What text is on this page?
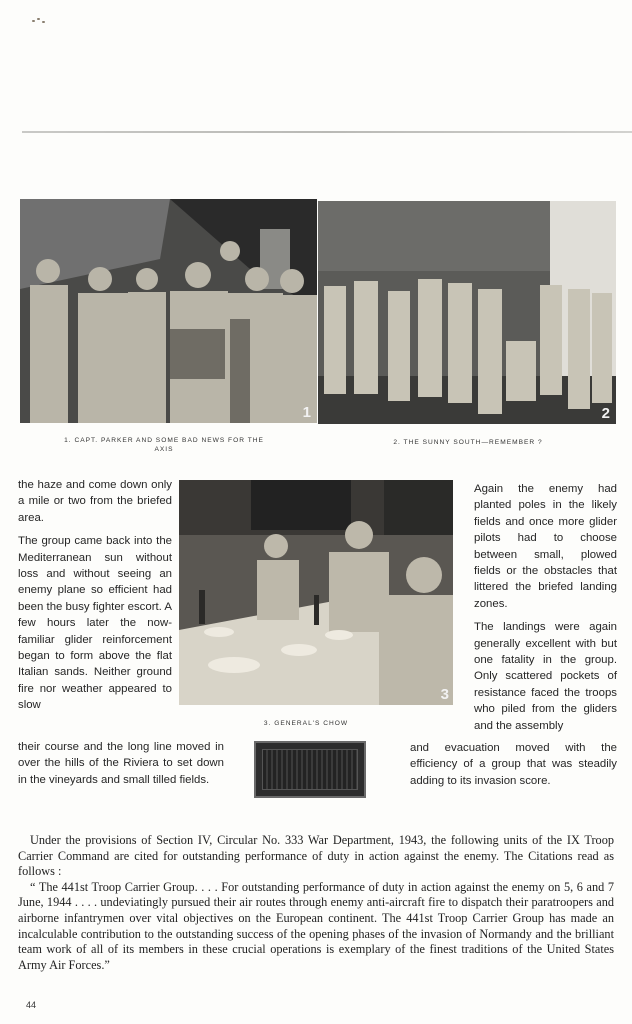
1	2
1. CAPT. PARKER AND SOME BAD NEWS FOR THE AXIS
2. THE SUNNY SOUTH—REMEMBER ?
3
3. GENERAL'S CHOW

the haze and come down only a mile or two from the briefed area.

The group came back into the Mediterranean sun without loss and without seeing an enemy plane so efficient had been the busy fighter escort. A few hours later the now-familiar glider reinforcement began to form above the flat Italian sands. Neither ground fire nor weather appeared to slow

their course and the long line moved in over the hills of the Riviera to set down in the vineyards and small tilled fields.

Again the enemy had planted poles in the likely fields and once more glider pilots had to choose between small, plowed fields or the obstacles that littered the briefed landing zones.

The landings were again generally excellent with but one fatality in the group. Only scattered pockets of resistance faced the troops who piled from the gliders and the assembly

and evacuation moved with the efficiency of a group that was steadily adding to its invasion score.

Under the provisions of Section IV, Circular No. 333 War Department, 1943, the following units of the IX Troop Carrier Command are cited for outstanding performance of duty in action against the enemy. The Citations read as follows :

“ The 441st Troop Carrier Group. . . . For outstanding performance of duty in action against the enemy on 5, 6 and 7 June, 1944 . . . . undeviatingly pursued their air routes through enemy anti-aircraft fire to dispatch their paratroopers and airborne infantrymen over vital objectives on the European continent. The 441st Troop Carrier Group has made an incalculable contribution to the outstanding success of the opening phases of the invasion of Normandy and the brilliant team work of all of its members in these crucial operations is exemplary of the finest traditions of the United States Army Air Forces.”

44
